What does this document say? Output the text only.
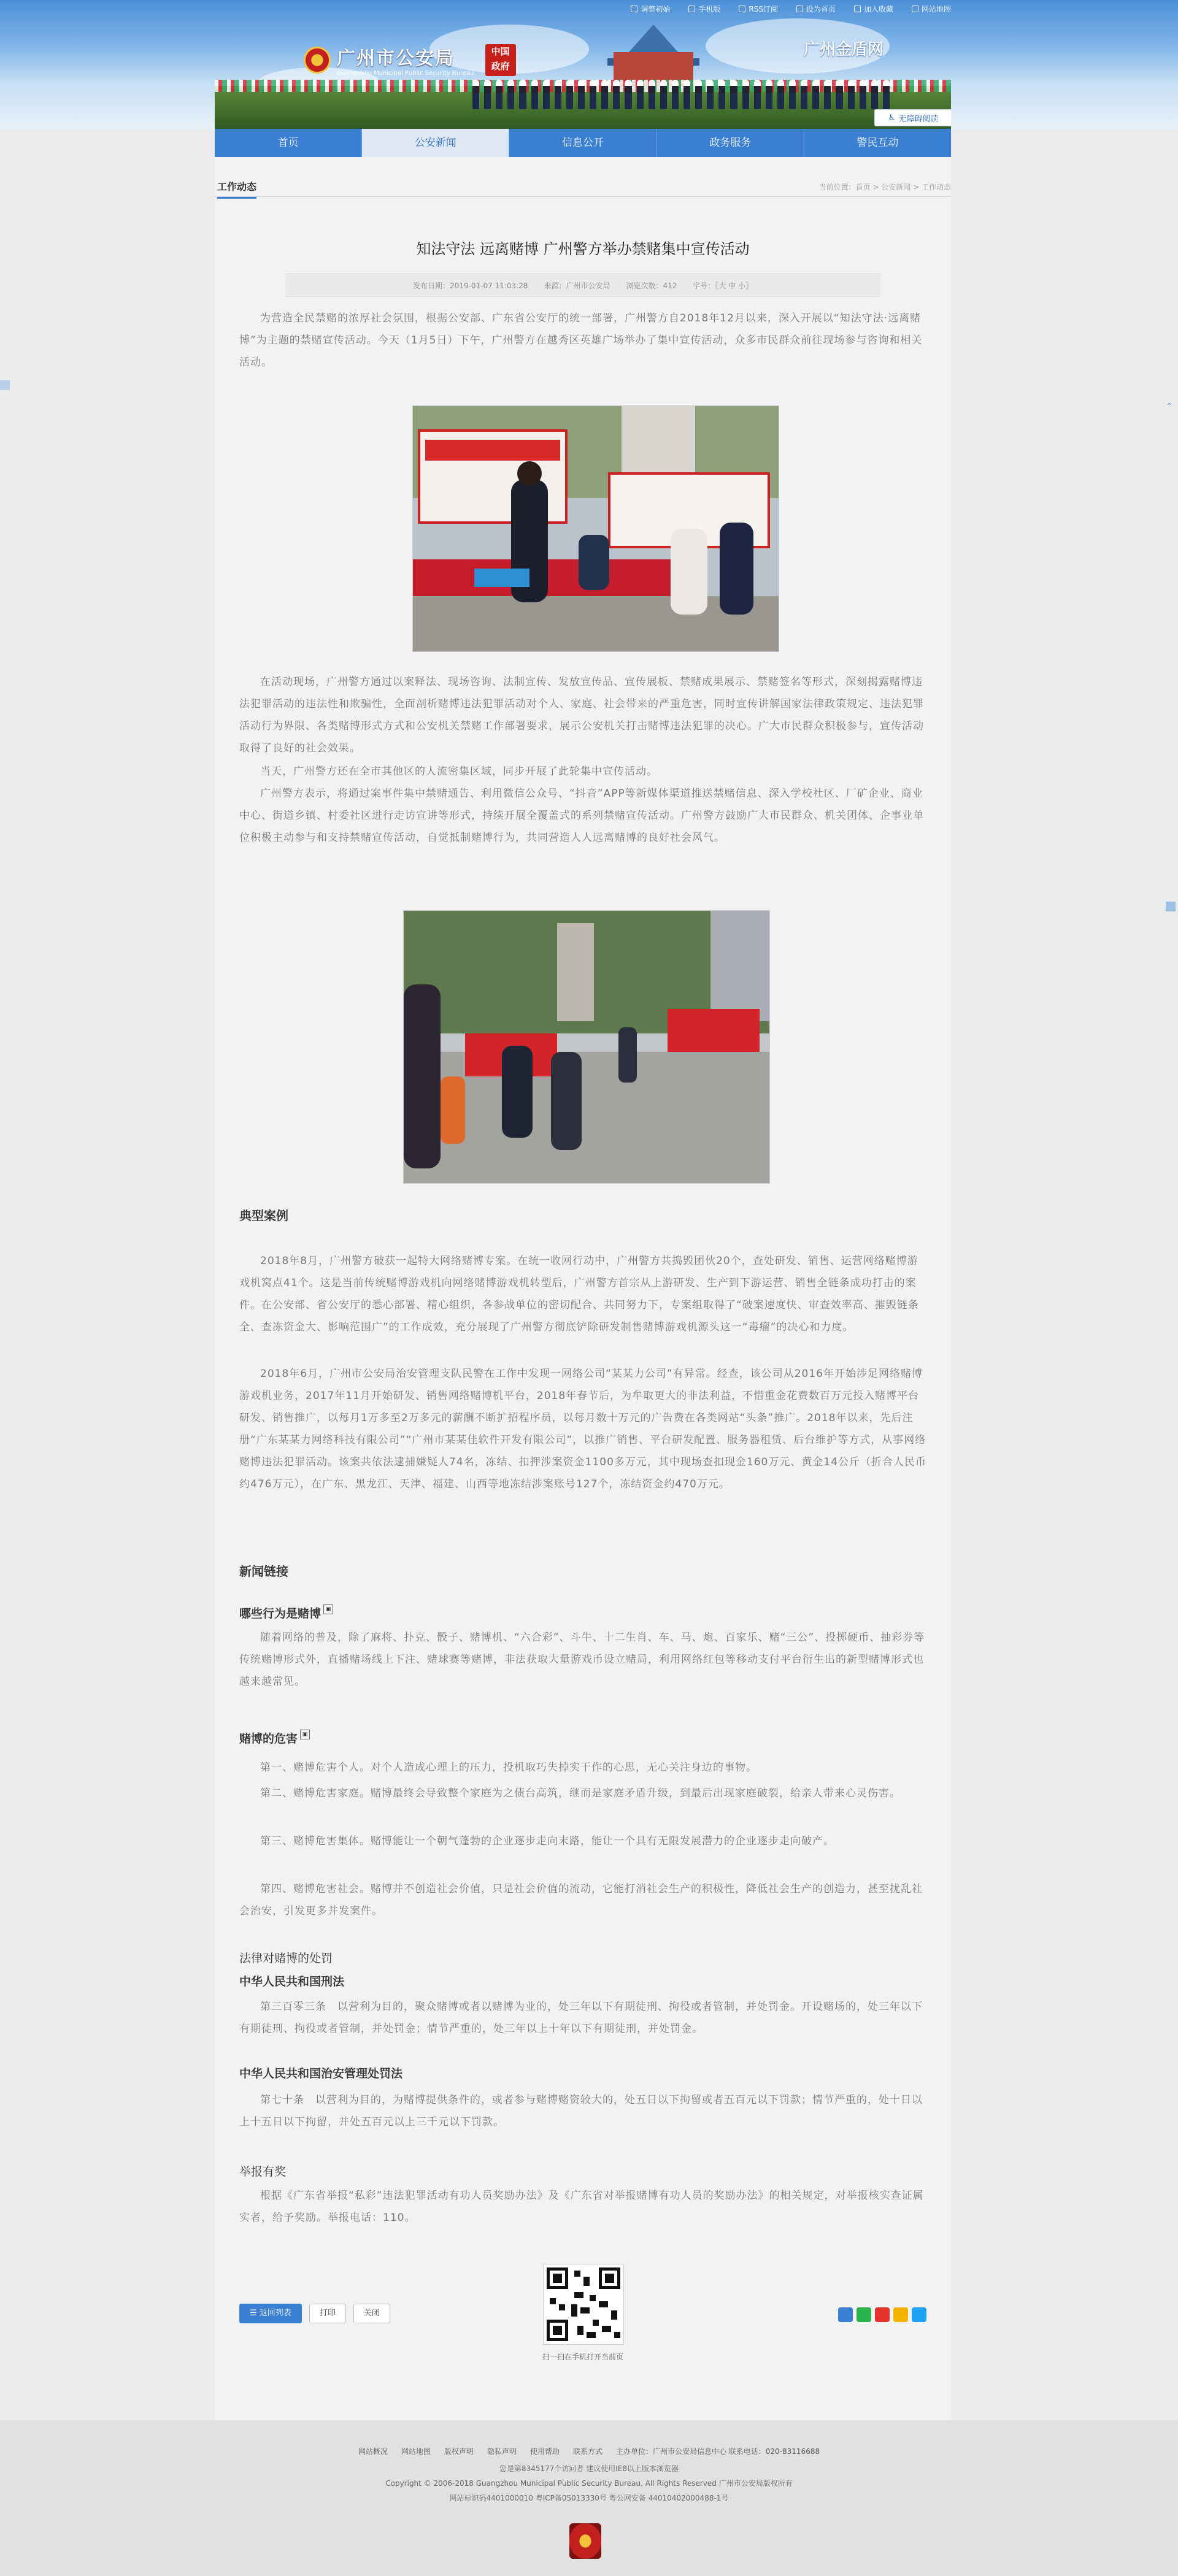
广州市公安局
Guangzhou Municipal Public Security Bureau
中国 政府
广州金盾网
♿ 无障碍阅读
调整初始	手机版	RSS订阅	设为首页	加入收藏	网站地图
首页	公安新闻	信息公开	政务服务	警民互动
⌃
工作动态	当前位置：首页 > 公安新闻 > 工作动态
知法守法 远离赌博 广州警方举办禁赌集中宣传活动
发布日期：2019-01-07 11:03:28 来源：广州市公安局 浏览次数：412 字号：〖大 中 小〗

为营造全民禁赌的浓厚社会氛围，根据公安部、广东省公安厅的统一部署，广州警方自2018年12月以来，深入开展以“知法守法·远离赌博”为主题的禁赌宣传活动。今天（1月5日）下午，广州警方在越秀区英雄广场举办了集中宣传活动，众多市民群众前往现场参与咨询和相关活动。

在活动现场，广州警方通过以案释法、现场咨询、法制宣传、发放宣传品、宣传展板、禁赌成果展示、禁赌签名等形式，深刻揭露赌博违法犯罪活动的违法性和欺骗性，全面剖析赌博违法犯罪活动对个人、家庭、社会带来的严重危害，同时宣传讲解国家法律政策规定、违法犯罪活动行为界限、各类赌博形式方式和公安机关禁赌工作部署要求，展示公安机关打击赌博违法犯罪的决心。广大市民群众积极参与，宣传活动取得了良好的社会效果。

当天，广州警方还在全市其他区的人流密集区域，同步开展了此轮集中宣传活动。

广州警方表示，将通过案事件集中禁赌通告、利用微信公众号、“抖音”APP等新媒体渠道推送禁赌信息、深入学校社区、厂矿企业、商业中心、街道乡镇、村委社区进行走访宣讲等形式，持续开展全覆盖式的系列禁赌宣传活动。广州警方鼓励广大市民群众、机关团体、企事业单位积极主动参与和支持禁赌宣传活动，自觉抵制赌博行为，共同营造人人远离赌博的良好社会风气。

典型案例

2018年8月，广州警方破获一起特大网络赌博专案。在统一收网行动中，广州警方共捣毁团伙20个，查处研发、销售、运营网络赌博游戏机窝点41个。这是当前传统赌博游戏机向网络赌博游戏机转型后，广州警方首宗从上游研发、生产到下游运营、销售全链条成功打击的案件。在公安部、省公安厅的悉心部署、精心组织，各参战单位的密切配合、共同努力下，专案组取得了“破案速度快、审查效率高、摧毁链条全、查冻资金大、影响范围广”的工作成效，充分展现了广州警方彻底铲除研发制售赌博游戏机源头这一“毒瘤”的决心和力度。

2018年6月，广州市公安局治安管理支队民警在工作中发现一网络公司“某某力公司”有异常。经查，该公司从2016年开始涉足网络赌博游戏机业务，2017年11月开始研发、销售网络赌博机平台，2018年春节后，为牟取更大的非法利益，不惜重金花费数百万元投入赌博平台研发、销售推广，以每月1万多至2万多元的薪酬不断扩招程序员，以每月数十万元的广告费在各类网站“头条”推广。2018年以来，先后注册“广东某某力网络科技有限公司”“广州市某某佳软件开发有限公司”，以推广销售、平台研发配置、服务器租赁、后台维护等方式，从事网络赌博违法犯罪活动。该案共依法逮捕嫌疑人74名，冻结、扣押涉案资金1100多万元，其中现场查扣现金160万元、黄金14公斤（折合人民币约476万元），在广东、黑龙江、天津、福建、山西等地冻结涉案账号127个，冻结资金约470万元。

新闻链接
哪些行为是赌博 ▣

随着网络的普及，除了麻将、扑克、骰子、赌博机、“六合彩”、斗牛、十二生肖、车、马、炮、百家乐、赌“三公”、投掷硬币、抽彩券等传统赌博形式外，直播赌场线上下注、赌球赛等赌博，非法获取大量游戏币设立赌局，利用网络红包等移动支付平台衍生出的新型赌博形式也越来越常见。

赌博的危害 ▣

第一、赌博危害个人。对个人造成心理上的压力，投机取巧失掉实干作的心思，无心关注身边的事物。

第二、赌博危害家庭。赌博最终会导致整个家庭为之债台高筑，继而是家庭矛盾升级，到最后出现家庭破裂，给亲人带来心灵伤害。

第三、赌博危害集体。赌博能让一个朝气蓬勃的企业逐步走向末路，能让一个具有无限发展潜力的企业逐步走向破产。

第四、赌博危害社会。赌博并不创造社会价值，只是社会价值的流动，它能打消社会生产的积极性，降低社会生产的创造力，甚至扰乱社会治安，引发更多并发案件。

法律对赌博的处罚
中华人民共和国刑法

第三百零三条　以营利为目的，聚众赌博或者以赌博为业的，处三年以下有期徒刑、拘役或者管制，并处罚金。开设赌场的，处三年以下有期徒刑、拘役或者管制，并处罚金；情节严重的，处三年以上十年以下有期徒刑，并处罚金。

中华人民共和国治安管理处罚法

第七十条　以营利为目的，为赌博提供条件的，或者参与赌博赌资较大的，处五日以下拘留或者五百元以下罚款；情节严重的，处十日以上十五日以下拘留，并处五百元以上三千元以下罚款。

举报有奖

根据《广东省举报“私彩”违法犯罪活动有功人员奖励办法》及《广东省对举报赌博有功人员的奖励办法》的相关规定，对举报核实查证属实者，给予奖励。举报电话：110。

☰ 返回列表	打印	关闭
扫一扫在手机打开当前页
网站概况 网站地图 版权声明 隐私声明 使用帮助 联系方式 主办单位：广州市公安局信息中心 联系电话：020-83116688
您是第8345177个访问者 建议使用IE8以上版本浏览器
Copyright © 2006-2018 Guangzhou Municipal Public Security Bureau, All Rights Reserved 广州市公安局版权所有
网站标识码4401000010 粤ICP备05013330号 粤公网安备 44010402000488-1号
